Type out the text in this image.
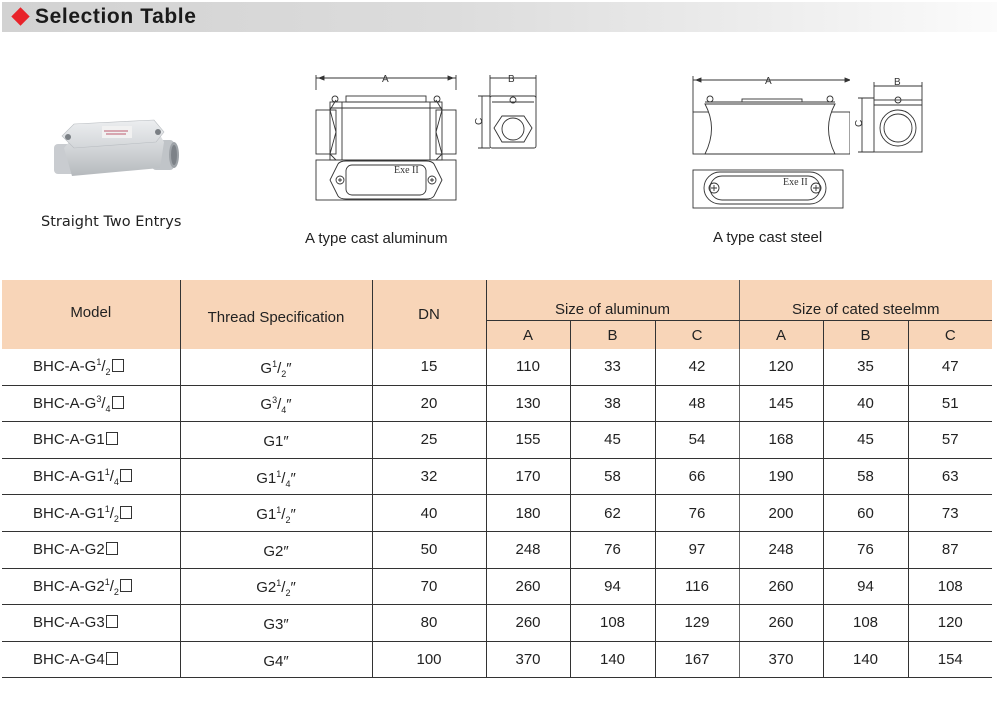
Selection Table
Straight Two Entrys
A
Exe II
B
C
A type cast aluminum
A
Exe II
B
C
A type cast steel
Model	Thread Specification	DN	Size of aluminum			Size of cated steelmm		
			A	B	C	A	B	C
BHC-$A-G^1/_2$	$G^1/_2''$	15	110	33	42	120	35	47
BHC-$A-G^3/_4$	$G^3/_4''$	20	130	38	48	145	40	51
BHC-A-G1	G1″	25	155	45	54	168	45	57
BHC-$A-G1^1/_4$	$G1^1/_4''$	32	170	58	66	190	58	63
BHC-$A-G1^1/_2$	$G1^1/_2''$	40	180	62	76	200	60	73
BHC-A-G2	G2″	50	248	76	97	248	76	87
BHC-$A-G2^1/_2$	$G2^1/_2''$	70	260	94	116	260	94	108
BHC-A-G3	G3″	80	260	108	129	260	108	120
BHC-A-G4	G4″	100	370	140	167	370	140	154
